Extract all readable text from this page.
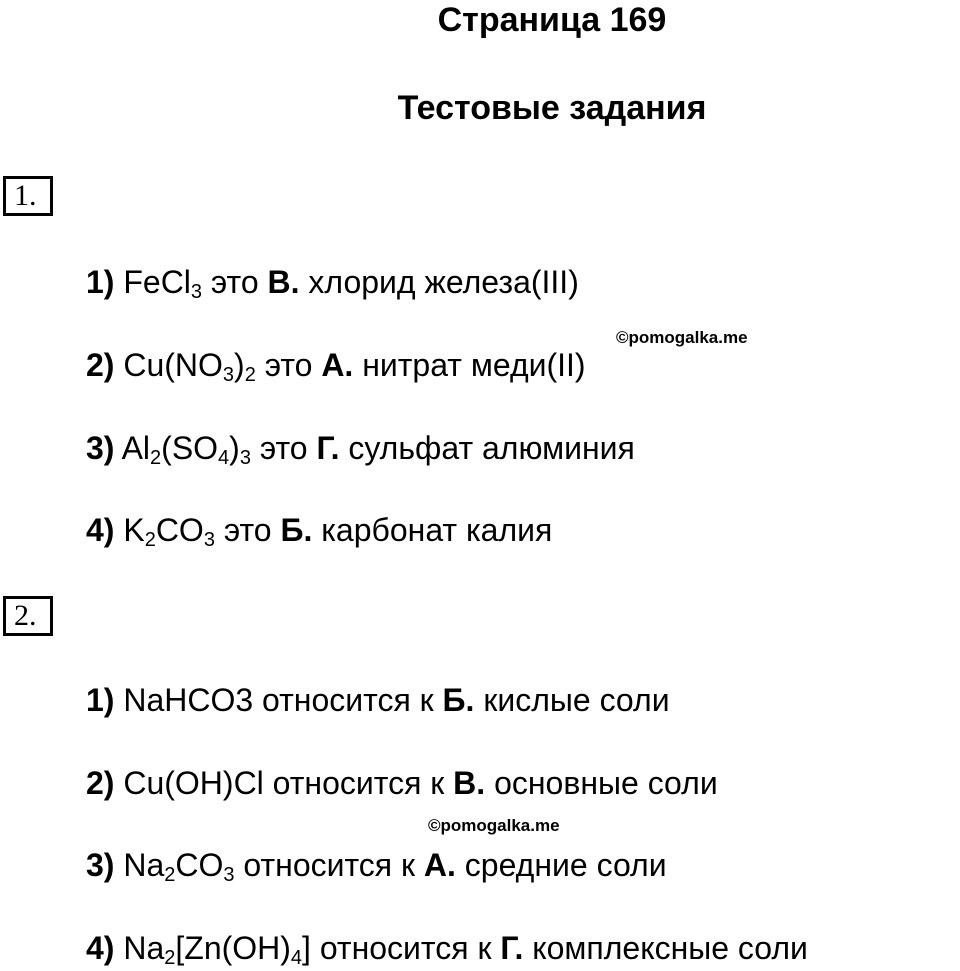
Страница 169
Тестовые задания
1.
1) FeCl$_3$ это В. хлорид железа(III)
©pomogalka.me
2) $Cu(NO_3)_2$ это А. нитрат меди(II)
3) $Al_2(SO_4)_3$ это Г. сульфат алюминия
4) $K_2CO_3$ это Б. карбонат калия
2.
1) NaHCO3 относится к Б. кислые соли
2) Cu(OH)Cl относится к В. основные соли
©pomogalka.me
3) $Na_2CO_3$ относится к А. средние соли
4) $Na_2[Zn(OH)_4]$ относится к Г. комплексные соли
